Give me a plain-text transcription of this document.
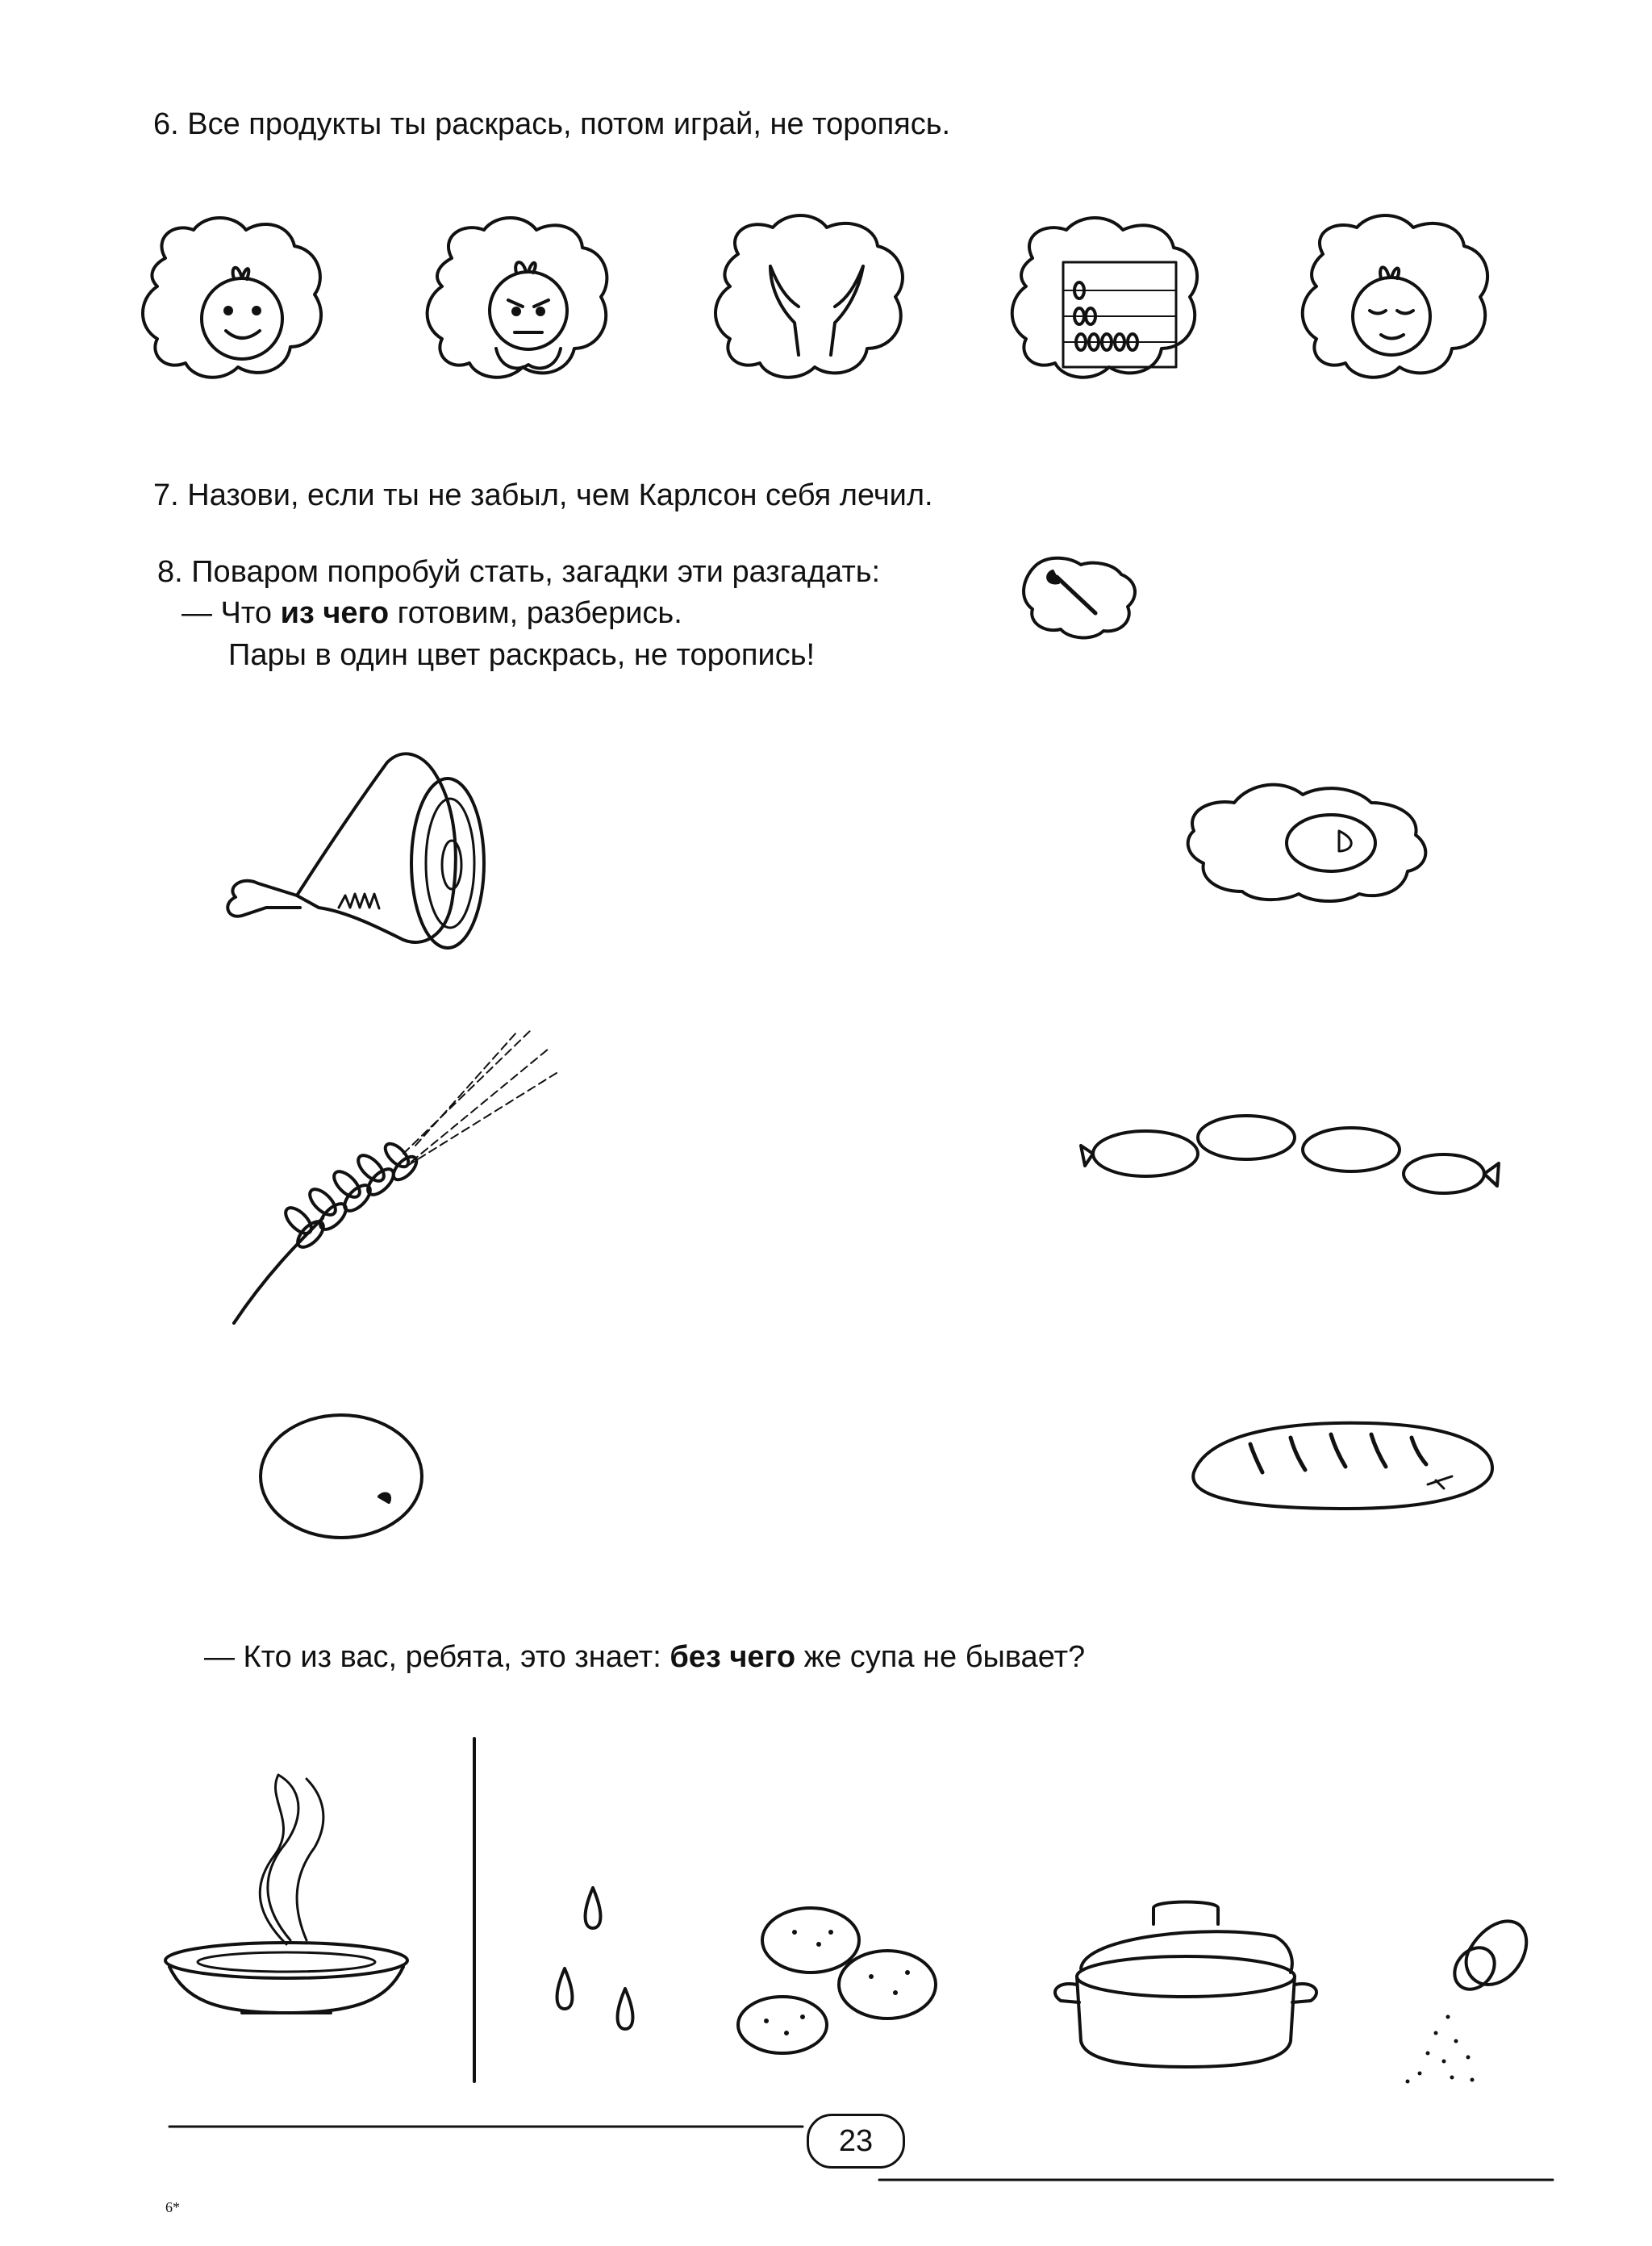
6. Все продукты ты раскрась, потом играй, не торопясь.
7. Назови, если ты не забыл, чем Карлсон себя лечил.
8. Поваром попробуй стать, загадки эти разгадать:
— Что из чего готовим, разберись.
Пары в один цвет раскрась, не торопись!
— Кто из вас, ребята, это знает: без чего же супа не бывает?
23
6*
